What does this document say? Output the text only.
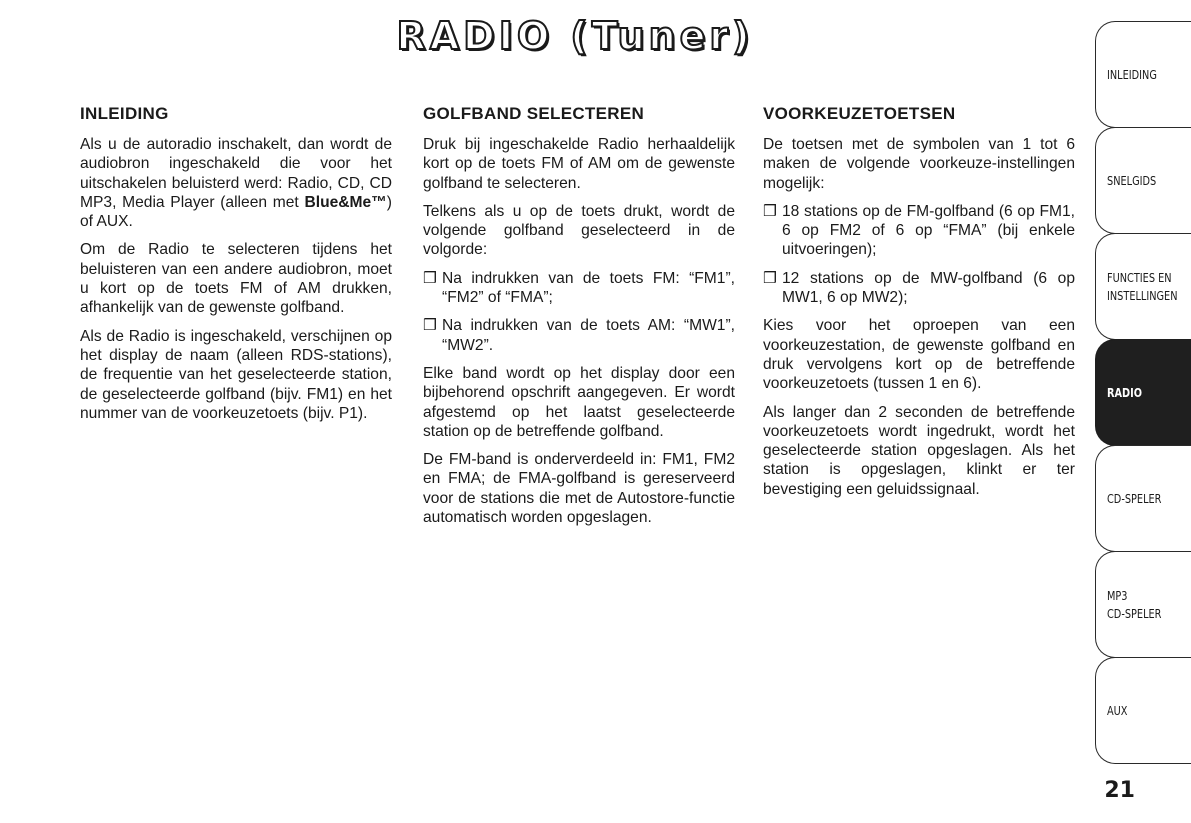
RADIO (Tuner)
INLEIDING

Als u de autoradio inschakelt, dan wordt de audiobron ingeschakeld die voor het uitschakelen beluisterd werd: Radio, CD, CD MP3, Media Player (alleen met Blue&Me™) of AUX.

Om de Radio te selecteren tijdens het beluisteren van een andere audiobron, moet u kort op de toets FM of AM drukken, afhankelijk van de gewenste golfband.

Als de Radio is ingeschakeld, verschijnen op het display de naam (alleen RDS-stations), de frequentie van het geselecteerde station, de geselecteerde golfband (bijv. FM1) en het nummer van de voorkeuzetoets (bijv. P1).

GOLFBAND SELECTEREN

Druk bij ingeschakelde Radio herhaaldelijk kort op de toets FM of AM om de gewenste golfband te selecteren.

Telkens als u op de toets drukt, wordt de volgende golfband geselecteerd in de volgorde:

❒ Na indrukken van de toets FM: “FM1”, “FM2” of “FMA”;

❒ Na indrukken van de toets AM: “MW1”, “MW2”.

Elke band wordt op het display door een bijbehorend opschrift aangegeven. Er wordt afgestemd op het laatst geselecteerde station op de betreffende golfband.

De FM-band is onderverdeeld in: FM1, FM2 en FMA; de FMA-golfband is gereserveerd voor de stations die met de Autostore-functie automatisch worden opgeslagen.

VOORKEUZETOETSEN

De toetsen met de symbolen van 1 tot 6 maken de volgende voorkeuze-instellingen mogelijk:

❒ 18 stations op de FM-golfband (6 op FM1, 6 op FM2 of 6 op “FMA” (bij enkele uitvoeringen);

❒ 12 stations op de MW-golfband (6 op MW1, 6 op MW2);

Kies voor het oproepen van een voorkeuzestation, de gewenste golfband en druk vervolgens kort op de betreffende voorkeuzetoets (tussen 1 en 6).

Als langer dan 2 seconden de betreffende voorkeuzetoets wordt ingedrukt, wordt het geselecteerde station opgeslagen. Als het station is opgeslagen, klinkt er ter bevestiging een geluidssignaal.

INLEIDING
SNELGIDS
FUNCTIES EN
INSTELLINGEN
RADIO
CD-SPELER
MP3
CD-SPELER
AUX
21
